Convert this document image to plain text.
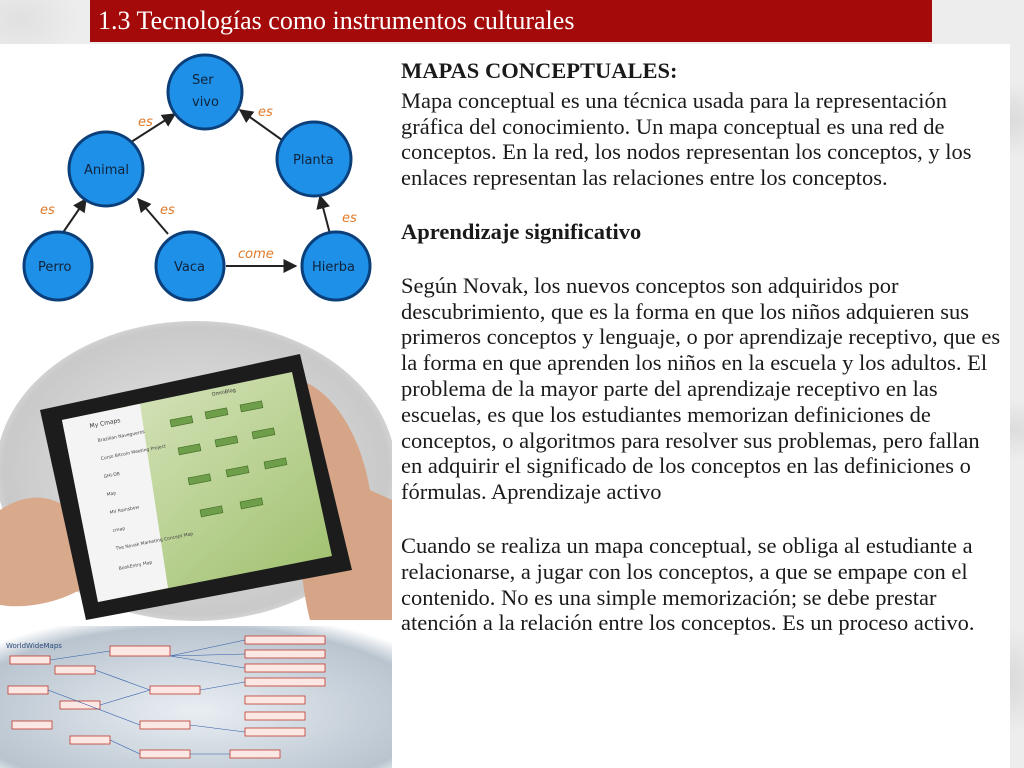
1.3 Tecnologías como instrumentos culturales
es
es
es	es
es
come
Ser
vivo
Animal
Planta
Perro	Vaca	Hierba
My Cmaps
Brazilian Navegueros
Curso Bitcoin Meeting Project
GHI-DB
Map
MV Rainsbow
cmap
The Novak Marketing Concept Map
BookEntry Map
OmniBlog
WorldWideMaps

MAPAS CONCEPTUALES:

Mapa conceptual es una técnica usada para la representación gráfica del conocimiento. Un mapa conceptual es una red de conceptos. En la red, los nodos representan los conceptos, y los enlaces representan las relaciones entre los conceptos.

Aprendizaje significativo

Según Novak, los nuevos conceptos son adquiridos por descubrimiento, que es la forma en que los niños adquieren sus primeros conceptos y lenguaje, o por aprendizaje receptivo, que es la forma en que aprenden los niños en la escuela y los adultos. El problema de la mayor parte del aprendizaje receptivo en las escuelas, es que los estudiantes memorizan definiciones de conceptos, o algoritmos para resolver sus problemas, pero fallan en adquirir el significado de los conceptos en las definiciones o fórmulas. Aprendizaje activo

Cuando se realiza un mapa conceptual, se obliga al estudiante a relacionarse, a jugar con los conceptos, a que se empape con el contenido. No es una simple memorización; se debe prestar atención a la relación entre los conceptos. Es un proceso activo.
